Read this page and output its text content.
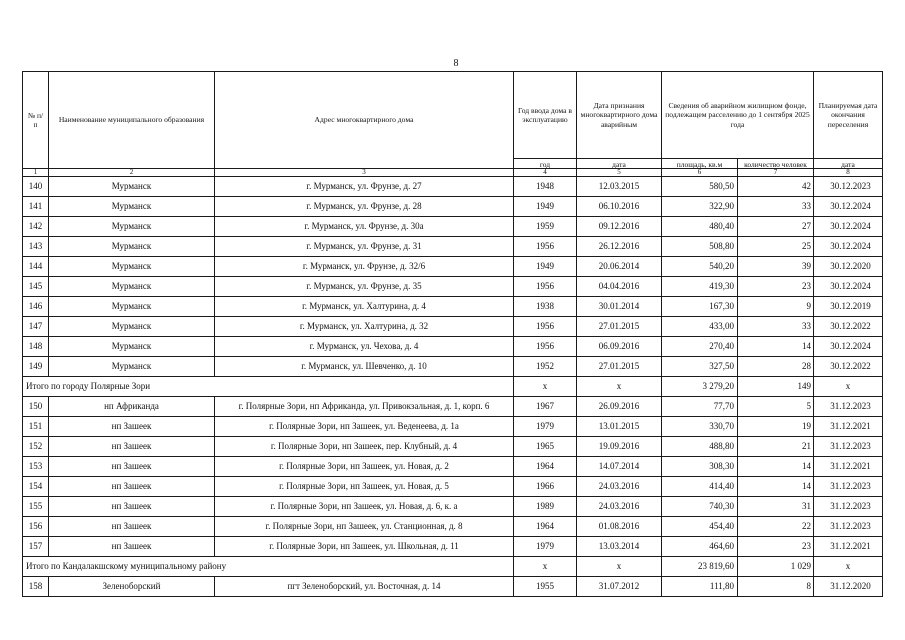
8
№ п/п	Наименование муниципального образования	Адрес многоквартирного дома	Год ввода дома в эксплуатацию	Дата признания многоквартирного дома аварийным	Сведения об аварийном жилищном фонде, подлежащем расселению до 1 сентября 2025 года		Планируемая дата окончания переселения
			год	дата	площадь, кв.м	количество человек	дата
1	2	3	4	5	6	7	8
140	Мурманск	г. Мурманск, ул. Фрунзе, д. 27	1948	12.03.2015	580,50	42	30.12.2023
141	Мурманск	г. Мурманск, ул. Фрунзе, д. 28	1949	06.10.2016	322,90	33	30.12.2024
142	Мурманск	г. Мурманск, ул. Фрунзе, д. 30а	1959	09.12.2016	480,40	27	30.12.2024
143	Мурманск	г. Мурманск, ул. Фрунзе, д. 31	1956	26.12.2016	508,80	25	30.12.2024
144	Мурманск	г. Мурманск, ул. Фрунзе, д. 32/6	1949	20.06.2014	540,20	39	30.12.2020
145	Мурманск	г. Мурманск, ул. Фрунзе, д. 35	1956	04.04.2016	419,30	23	30.12.2024
146	Мурманск	г. Мурманск, ул. Халтурина, д. 4	1938	30.01.2014	167,30	9	30.12.2019
147	Мурманск	г. Мурманск, ул. Халтурина, д. 32	1956	27.01.2015	433,00	33	30.12.2022
148	Мурманск	г. Мурманск, ул. Чехова, д. 4	1956	06.09.2016	270,40	14	30.12.2024
149	Мурманск	г. Мурманск, ул. Шевченко, д. 10	1952	27.01.2015	327,50	28	30.12.2022
Итого по городу Полярные Зори			х	х	3 279,20	149	х
150	нп Африканда	г. Полярные Зори, нп Африканда, ул. Привокзальная, д. 1, корп. 6	1967	26.09.2016	77,70	5	31.12.2023
151	нп Зашеек	г. Полярные Зори, нп Зашеек, ул. Веденеева, д. 1а	1979	13.01.2015	330,70	19	31.12.2021
152	нп Зашеек	г. Полярные Зори, нп Зашеек, пер. Клубный, д. 4	1965	19.09.2016	488,80	21	31.12.2023
153	нп Зашеек	г. Полярные Зори, нп Зашеек, ул. Новая, д. 2	1964	14.07.2014	308,30	14	31.12.2021
154	нп Зашеек	г. Полярные Зори, нп Зашеек, ул. Новая, д. 5	1966	24.03.2016	414,40	14	31.12.2023
155	нп Зашеек	г. Полярные Зори, нп Зашеек, ул. Новая, д. 6, к. а	1989	24.03.2016	740,30	31	31.12.2023
156	нп Зашеек	г. Полярные Зори, нп Зашеек, ул. Станционная, д. 8	1964	01.08.2016	454,40	22	31.12.2023
157	нп Зашеек	г. Полярные Зори, нп Зашеек, ул. Школьная, д. 11	1979	13.03.2014	464,60	23	31.12.2021
Итого по Кандалакшскому муниципальному району			х	х	23 819,60	1 029	х
158	Зеленоборский	пгт Зеленоборский, ул. Восточная, д. 14	1955	31.07.2012	111,80	8	31.12.2020
